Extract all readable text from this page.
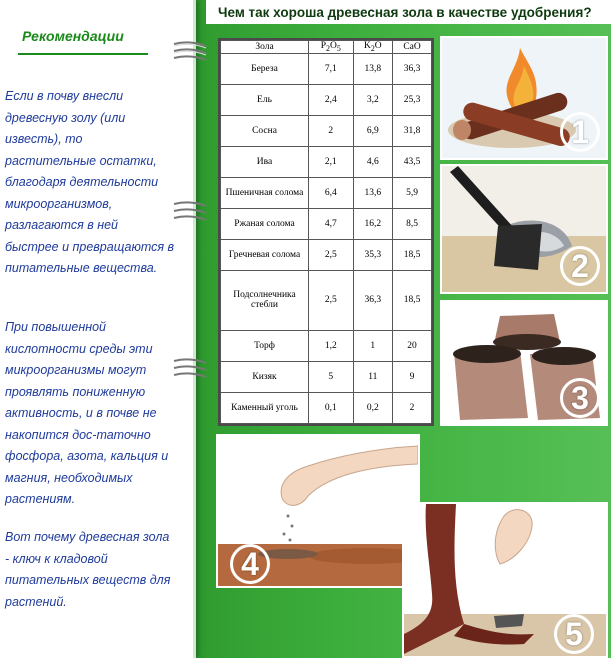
Чем так хороша древесная зола в качестве удобрения?
Рекомендации
Если в почву внесли древесную золу (или известь), то растительные остатки, благодаря деятельности микроорганизмов, разлагаются в ней быстрее и превращаются в питательные вещества.
При повышенной кислотности среды эти микроорганизмы могут проявлять пониженную активность, и в почве не накопится дос-таточно фосфора, азота, кальция и магния, необходимых растениям.
Вот почему древесная зола - ключ к кладовой питательных веществ для растений.
Зола	$P_2O_5$	$K_2O$	CaO
Береза	7,1	13,8	36,3
Ель	2,4	3,2	25,3
Сосна	2	6,9	31,8
Ива	2,1	4,6	43,5
Пшеничная солома	6,4	13,6	5,9
Ржаная солома	4,7	16,2	8,5
Гречневая солома	2,5	35,3	18,5
Подсолнечника стебли	2,5	36,3	18,5
Торф	1,2	1	20
Кизяк	5	11	9
Каменный уголь	0,1	0,2	2
1
2
3
4
5
